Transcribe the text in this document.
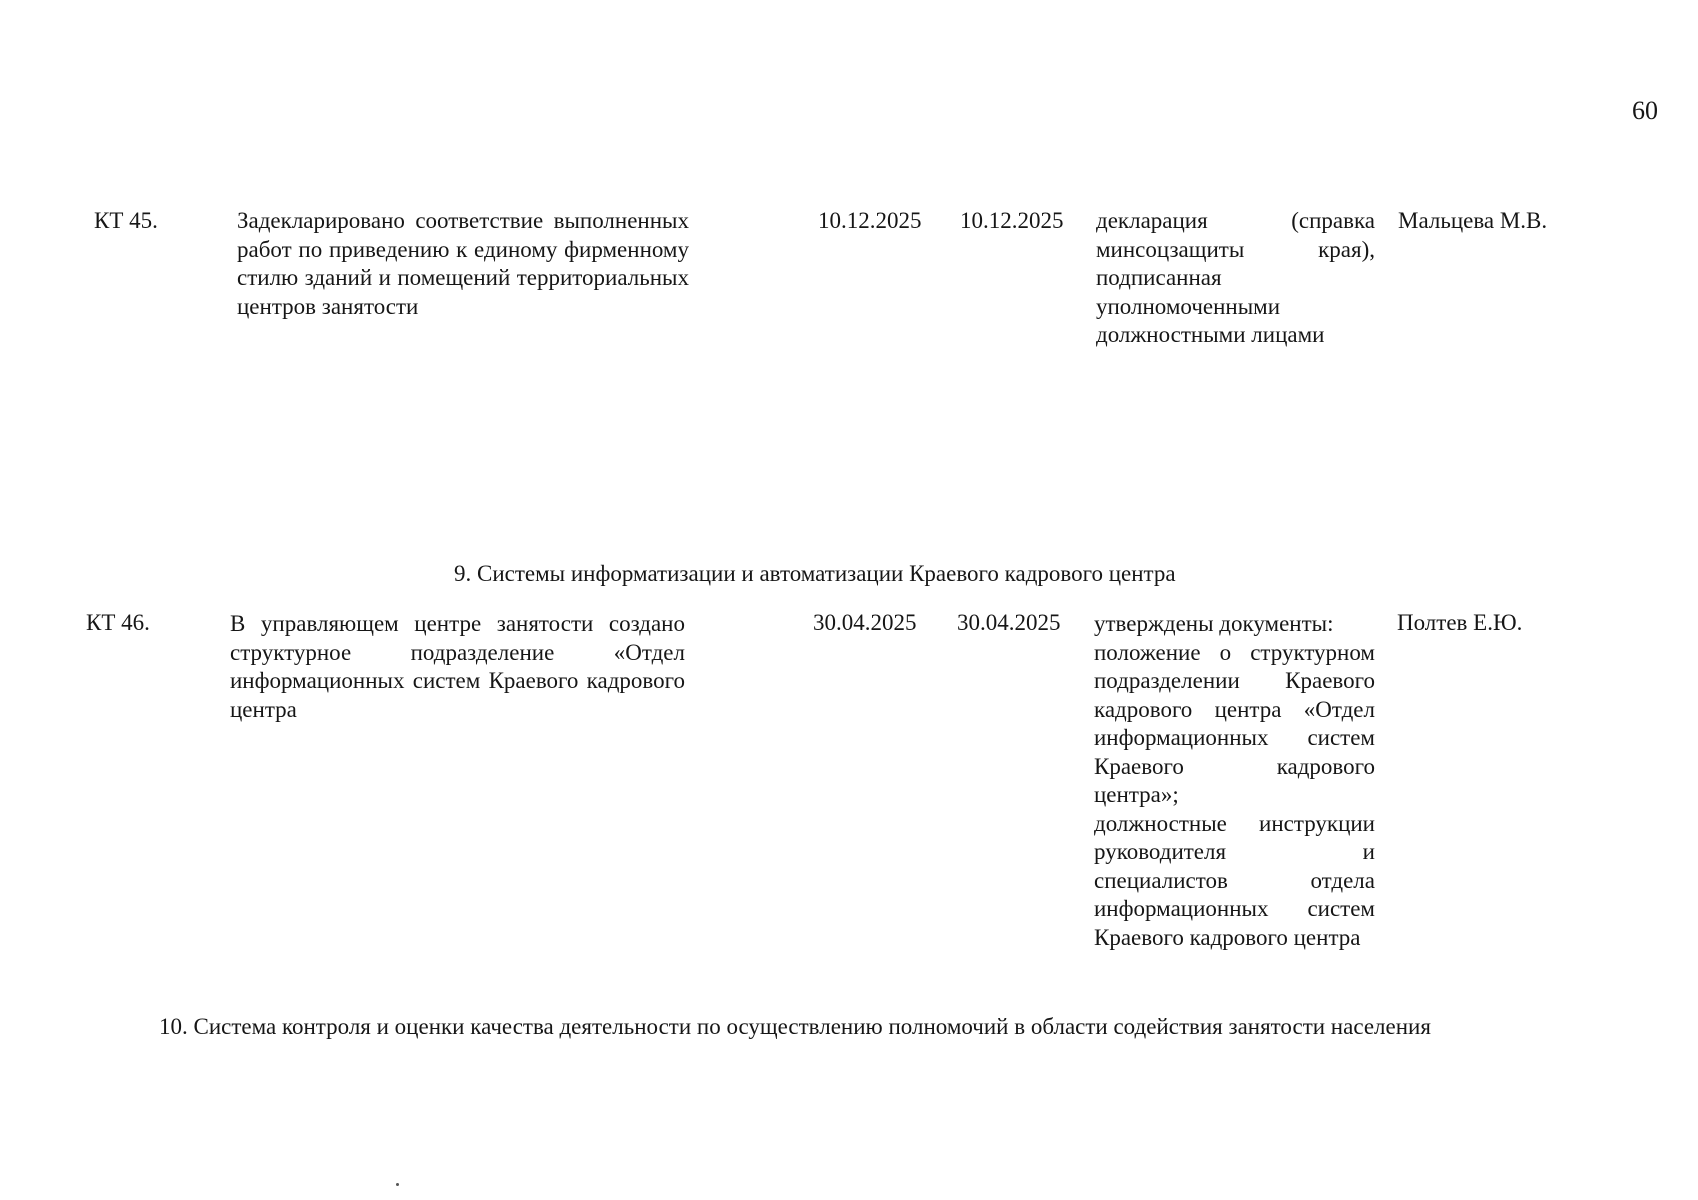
60
КТ 45.	Задекларировано соответствие выполненных работ по приведению к единому фирменному стилю зданий и помещений территориальных центров занятости
10.12.2025 10.12.2025 декларация (справка минсоцзащиты края), подписанная уполномоченными должностными лицами
Мальцева М.В.
9. Системы информатизации и автоматизации Краевого кадрового центра
КТ 46.	В управляющем центре занятости создано структурное подразделение «Отдел информационных систем Краевого кадрового центра
30.04.2025 30.04.2025 утверждены документы:
положение о структурном подразделении Краевого кадрового центра «Отдел информационных систем Краевого кадрового центра»;
должностные инструкции руководителя и специалистов отдела информационных систем Краевого кадрового центра
Полтев Е.Ю.
10. Система контроля и оценки качества деятельности по осуществлению полномочий в области содействия занятости населения
